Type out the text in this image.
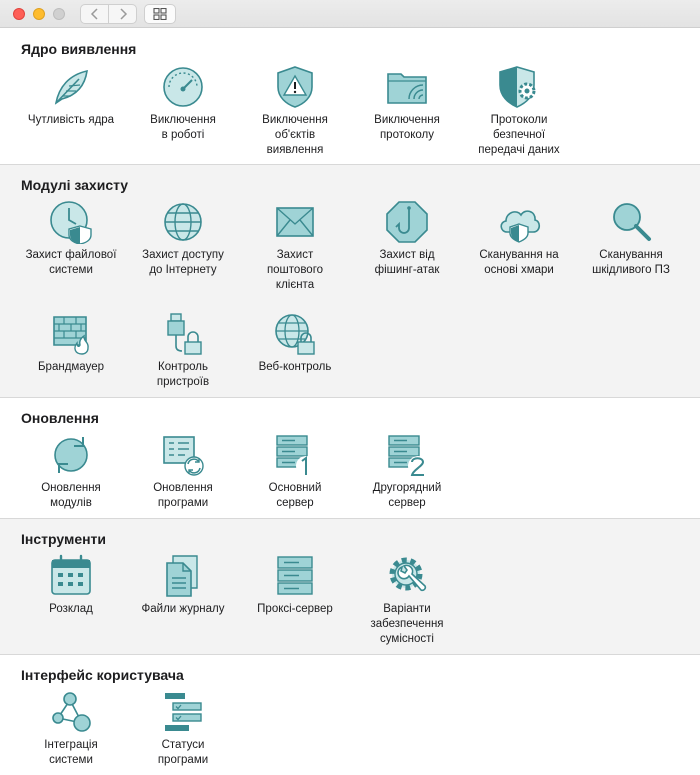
Ядро виявлення
Чутливість ядра	Виключення
в роботі
Виключення
об'єктів
виявлення
Виключення
протоколу
Протоколи
безпечної
передачі даних
Модулі захисту
Захист файлової
системи
Захист доступу
до Інтернету
Захист
поштового
клієнта
Захист від
фішинг-атак
Сканування на
основі хмари
Сканування
шкідливого ПЗ
Брандмауер	Контроль
пристроїв
Веб-контроль
Оновлення
Оновлення
модулів
Оновлення
програми
Основний
сервер
Другорядний
сервер
Інструменти
Розклад	Файли журналу	Проксі-сервер	Варіанти
забезпечення
сумісності
Інтерфейс користувача
Інтеграція
системи
Статуси
програми
